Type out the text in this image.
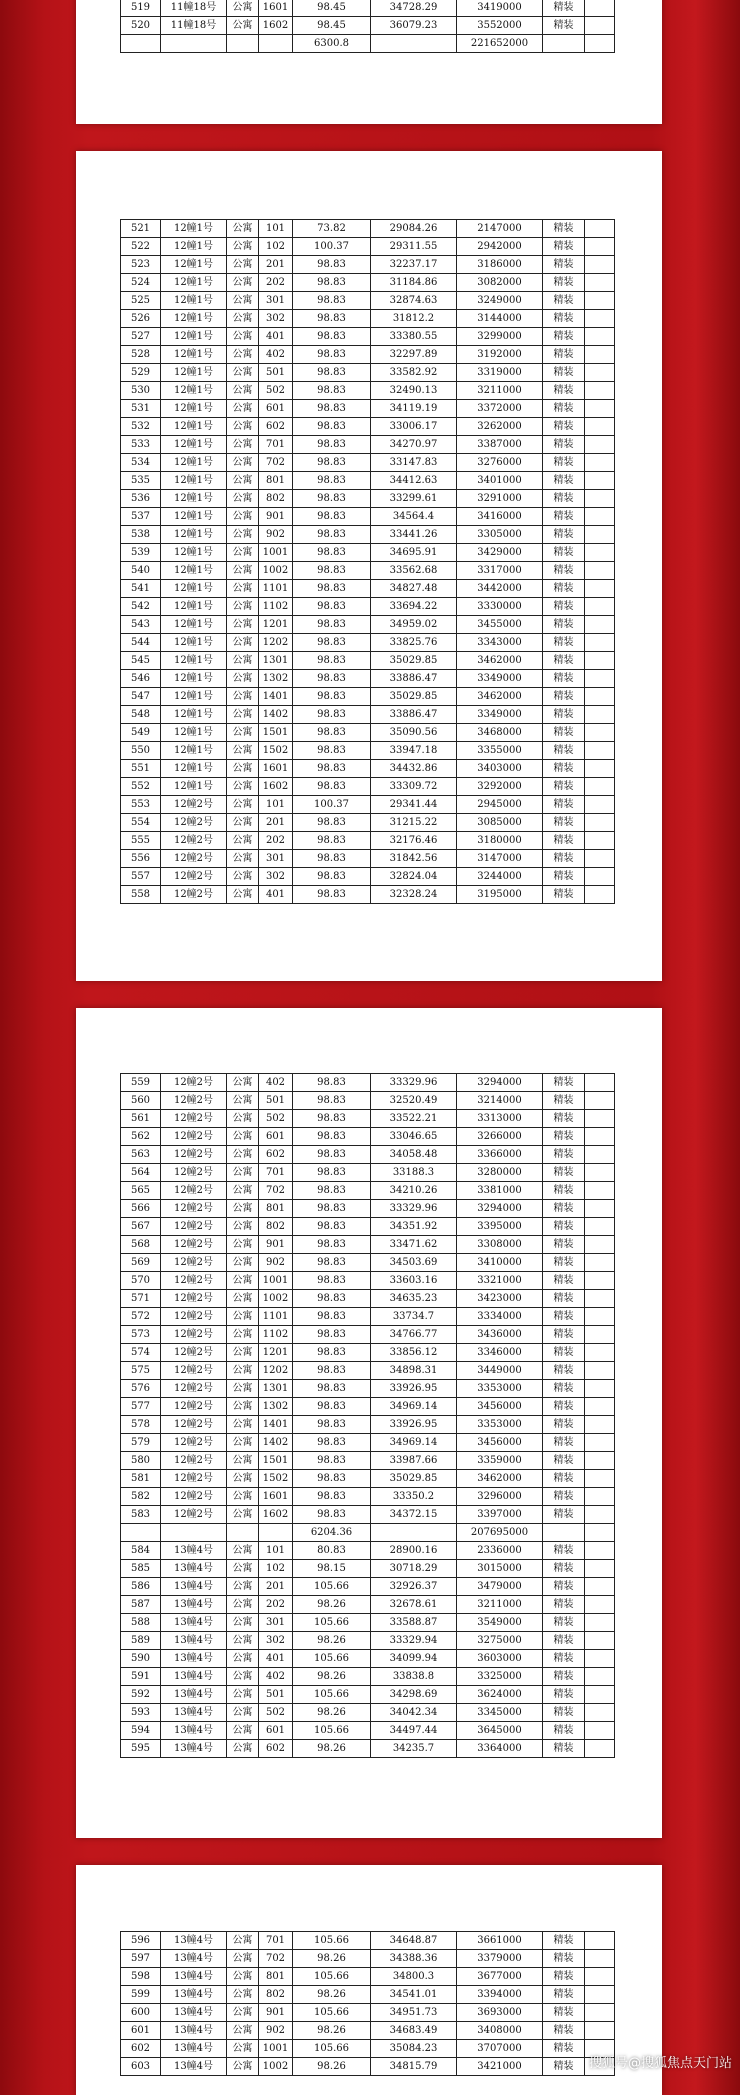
519	11幢18号	公寓	1601	98.45	34728.29	3419000	精装	
520	11幢18号	公寓	1602	98.45	36079.23	3552000	精装	
				6300.8		221652000		
521	12幢1号	公寓	101	73.82	29084.26	2147000	精装	
522	12幢1号	公寓	102	100.37	29311.55	2942000	精装	
523	12幢1号	公寓	201	98.83	32237.17	3186000	精装	
524	12幢1号	公寓	202	98.83	31184.86	3082000	精装	
525	12幢1号	公寓	301	98.83	32874.63	3249000	精装	
526	12幢1号	公寓	302	98.83	31812.2	3144000	精装	
527	12幢1号	公寓	401	98.83	33380.55	3299000	精装	
528	12幢1号	公寓	402	98.83	32297.89	3192000	精装	
529	12幢1号	公寓	501	98.83	33582.92	3319000	精装	
530	12幢1号	公寓	502	98.83	32490.13	3211000	精装	
531	12幢1号	公寓	601	98.83	34119.19	3372000	精装	
532	12幢1号	公寓	602	98.83	33006.17	3262000	精装	
533	12幢1号	公寓	701	98.83	34270.97	3387000	精装	
534	12幢1号	公寓	702	98.83	33147.83	3276000	精装	
535	12幢1号	公寓	801	98.83	34412.63	3401000	精装	
536	12幢1号	公寓	802	98.83	33299.61	3291000	精装	
537	12幢1号	公寓	901	98.83	34564.4	3416000	精装	
538	12幢1号	公寓	902	98.83	33441.26	3305000	精装	
539	12幢1号	公寓	1001	98.83	34695.91	3429000	精装	
540	12幢1号	公寓	1002	98.83	33562.68	3317000	精装	
541	12幢1号	公寓	1101	98.83	34827.48	3442000	精装	
542	12幢1号	公寓	1102	98.83	33694.22	3330000	精装	
543	12幢1号	公寓	1201	98.83	34959.02	3455000	精装	
544	12幢1号	公寓	1202	98.83	33825.76	3343000	精装	
545	12幢1号	公寓	1301	98.83	35029.85	3462000	精装	
546	12幢1号	公寓	1302	98.83	33886.47	3349000	精装	
547	12幢1号	公寓	1401	98.83	35029.85	3462000	精装	
548	12幢1号	公寓	1402	98.83	33886.47	3349000	精装	
549	12幢1号	公寓	1501	98.83	35090.56	3468000	精装	
550	12幢1号	公寓	1502	98.83	33947.18	3355000	精装	
551	12幢1号	公寓	1601	98.83	34432.86	3403000	精装	
552	12幢1号	公寓	1602	98.83	33309.72	3292000	精装	
553	12幢2号	公寓	101	100.37	29341.44	2945000	精装	
554	12幢2号	公寓	201	98.83	31215.22	3085000	精装	
555	12幢2号	公寓	202	98.83	32176.46	3180000	精装	
556	12幢2号	公寓	301	98.83	31842.56	3147000	精装	
557	12幢2号	公寓	302	98.83	32824.04	3244000	精装	
558	12幢2号	公寓	401	98.83	32328.24	3195000	精装	
559	12幢2号	公寓	402	98.83	33329.96	3294000	精装	
560	12幢2号	公寓	501	98.83	32520.49	3214000	精装	
561	12幢2号	公寓	502	98.83	33522.21	3313000	精装	
562	12幢2号	公寓	601	98.83	33046.65	3266000	精装	
563	12幢2号	公寓	602	98.83	34058.48	3366000	精装	
564	12幢2号	公寓	701	98.83	33188.3	3280000	精装	
565	12幢2号	公寓	702	98.83	34210.26	3381000	精装	
566	12幢2号	公寓	801	98.83	33329.96	3294000	精装	
567	12幢2号	公寓	802	98.83	34351.92	3395000	精装	
568	12幢2号	公寓	901	98.83	33471.62	3308000	精装	
569	12幢2号	公寓	902	98.83	34503.69	3410000	精装	
570	12幢2号	公寓	1001	98.83	33603.16	3321000	精装	
571	12幢2号	公寓	1002	98.83	34635.23	3423000	精装	
572	12幢2号	公寓	1101	98.83	33734.7	3334000	精装	
573	12幢2号	公寓	1102	98.83	34766.77	3436000	精装	
574	12幢2号	公寓	1201	98.83	33856.12	3346000	精装	
575	12幢2号	公寓	1202	98.83	34898.31	3449000	精装	
576	12幢2号	公寓	1301	98.83	33926.95	3353000	精装	
577	12幢2号	公寓	1302	98.83	34969.14	3456000	精装	
578	12幢2号	公寓	1401	98.83	33926.95	3353000	精装	
579	12幢2号	公寓	1402	98.83	34969.14	3456000	精装	
580	12幢2号	公寓	1501	98.83	33987.66	3359000	精装	
581	12幢2号	公寓	1502	98.83	35029.85	3462000	精装	
582	12幢2号	公寓	1601	98.83	33350.2	3296000	精装	
583	12幢2号	公寓	1602	98.83	34372.15	3397000	精装	
				6204.36		207695000		
584	13幢4号	公寓	101	80.83	28900.16	2336000	精装	
585	13幢4号	公寓	102	98.15	30718.29	3015000	精装	
586	13幢4号	公寓	201	105.66	32926.37	3479000	精装	
587	13幢4号	公寓	202	98.26	32678.61	3211000	精装	
588	13幢4号	公寓	301	105.66	33588.87	3549000	精装	
589	13幢4号	公寓	302	98.26	33329.94	3275000	精装	
590	13幢4号	公寓	401	105.66	34099.94	3603000	精装	
591	13幢4号	公寓	402	98.26	33838.8	3325000	精装	
592	13幢4号	公寓	501	105.66	34298.69	3624000	精装	
593	13幢4号	公寓	502	98.26	34042.34	3345000	精装	
594	13幢4号	公寓	601	105.66	34497.44	3645000	精装	
595	13幢4号	公寓	602	98.26	34235.7	3364000	精装	
596	13幢4号	公寓	701	105.66	34648.87	3661000	精装	
597	13幢4号	公寓	702	98.26	34388.36	3379000	精装	
598	13幢4号	公寓	801	105.66	34800.3	3677000	精装	
599	13幢4号	公寓	802	98.26	34541.01	3394000	精装	
600	13幢4号	公寓	901	105.66	34951.73	3693000	精装	
601	13幢4号	公寓	902	98.26	34683.49	3408000	精装	
602	13幢4号	公寓	1001	105.66	35084.23	3707000	精装	
603	13幢4号	公寓	1002	98.26	34815.79	3421000	精装	搜狐号@搜狐焦点天门站
